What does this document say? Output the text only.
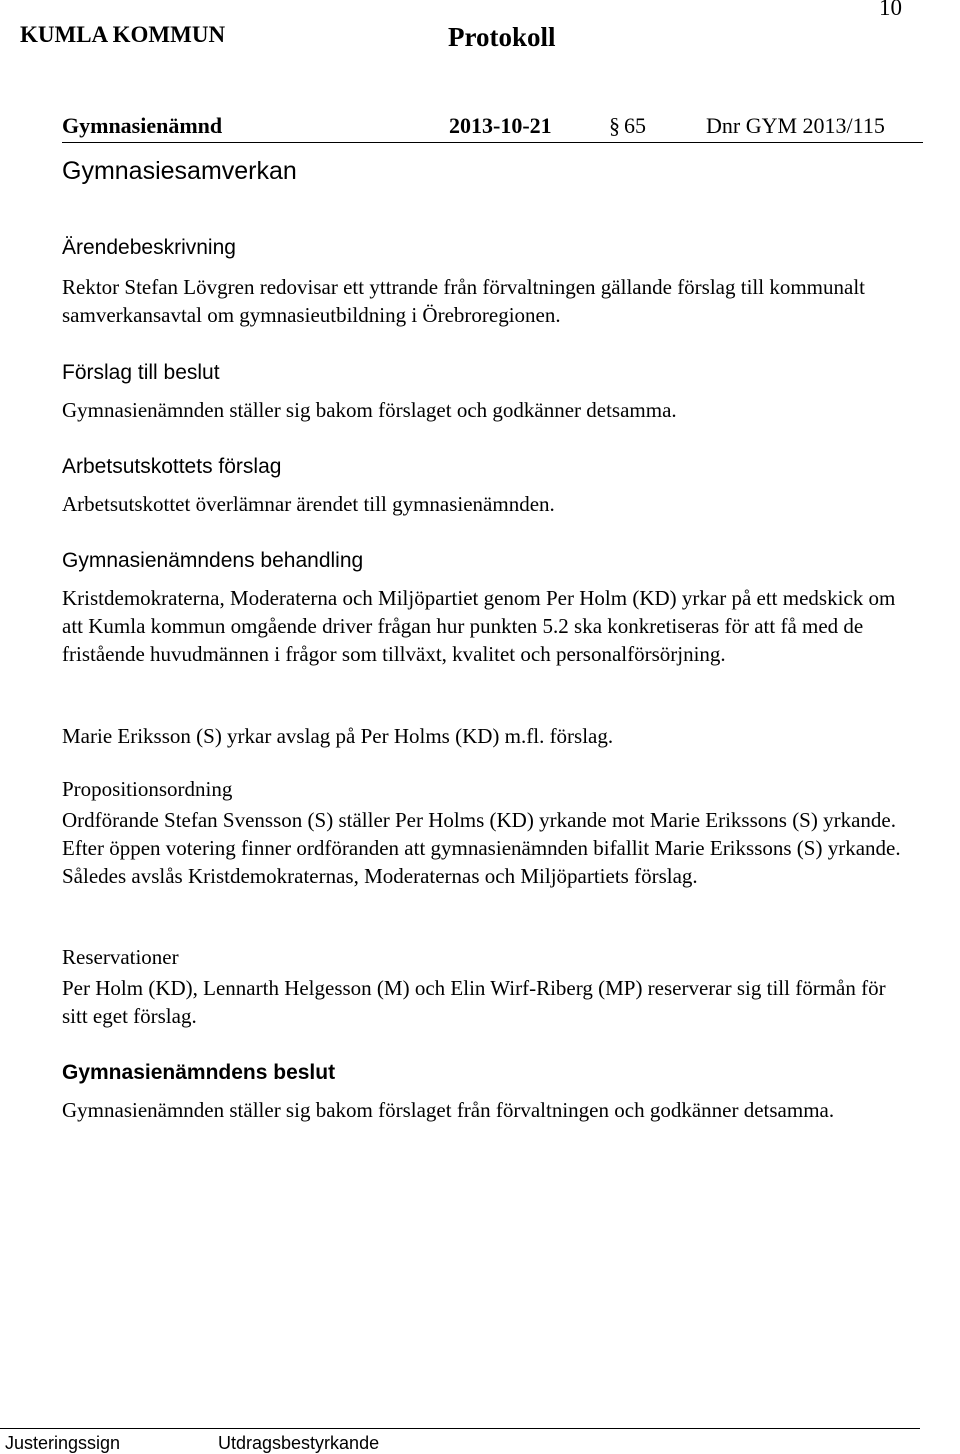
KUMLA KOMMUN	Protokoll
10
Gymnasienämnd	2013-10-21	§ 65	Dnr GYM 2013/115
Gymnasiesamverkan
Ärendebeskrivning
Rektor Stefan Lövgren redovisar ett yttrande från förvaltningen gällande förslag till kommunalt samverkansavtal om gymnasieutbildning i Örebroregionen.
Förslag till beslut
Gymnasienämnden ställer sig bakom förslaget och godkänner detsamma.
Arbetsutskottets förslag
Arbetsutskottet överlämnar ärendet till gymnasienämnden.
Gymnasienämndens behandling
Kristdemokraterna, Moderaterna och Miljöpartiet genom Per Holm (KD) yrkar på ett medskick om att Kumla kommun omgående driver frågan hur punkten 5.2 ska konkretiseras för att få med de fristående huvudmännen i frågor som tillväxt, kvalitet och personalförsörjning.
Marie Eriksson (S) yrkar avslag på Per Holms (KD) m.fl. förslag.
Propositionsordning
Ordförande Stefan Svensson (S) ställer Per Holms (KD) yrkande mot Marie Erikssons (S) yrkande. Efter öppen votering finner ordföranden att gymnasienämnden bifallit Marie Erikssons (S) yrkande. Således avslås Kristdemokraternas, Moderaternas och Miljöpartiets förslag.
Reservationer
Per Holm (KD), Lennarth Helgesson (M) och Elin Wirf-Riberg (MP) reserverar sig till förmån för sitt eget förslag.
Gymnasienämndens beslut
Gymnasienämnden ställer sig bakom förslaget från förvaltningen och godkänner detsamma.
Justeringssign	Utdragsbestyrkande
